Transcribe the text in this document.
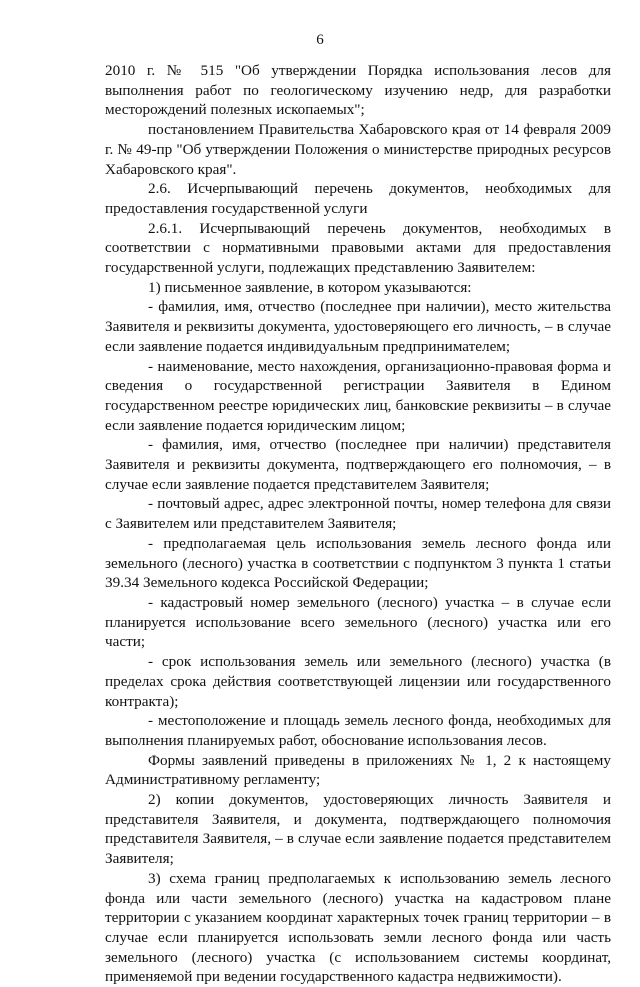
6

2010 г. № 515 "Об утверждении Порядка использования лесов для выполнения работ по геологическому изучению недр, для разработки месторождений полезных ископаемых";

постановлением Правительства Хабаровского края от 14 февраля 2009 г. № 49-пр "Об утверждении Положения о министерстве природных ресурсов Хабаровского края".

2.6. Исчерпывающий перечень документов, необходимых для предоставления государственной услуги

2.6.1. Исчерпывающий перечень документов, необходимых в соответствии с нормативными правовыми актами для предоставления государственной услуги, подлежащих представлению Заявителем:

1) письменное заявление, в котором указываются:

- фамилия, имя, отчество (последнее при наличии), место жительства Заявителя и реквизиты документа, удостоверяющего его личность, – в случае если заявление подается индивидуальным предпринимателем;

- наименование, место нахождения, организационно-правовая форма и сведения о государственной регистрации Заявителя в Едином государственном реестре юридических лиц, банковские реквизиты – в случае если заявление подается юридическим лицом;

- фамилия, имя, отчество (последнее при наличии) представителя Заявителя и реквизиты документа, подтверждающего его полномочия, – в случае если заявление подается представителем Заявителя;

- почтовый адрес, адрес электронной почты, номер телефона для связи с Заявителем или представителем Заявителя;

- предполагаемая цель использования земель лесного фонда или земельного (лесного) участка в соответствии с подпунктом 3 пункта 1 статьи 39.34 Земельного кодекса Российской Федерации;

- кадастровый номер земельного (лесного) участка – в случае если планируется использование всего земельного (лесного) участка или его части;

- срок использования земель или земельного (лесного) участка (в пределах срока действия соответствующей лицензии или государственного контракта);

- местоположение и площадь земель лесного фонда, необходимых для выполнения планируемых работ, обоснование использования лесов.

Формы заявлений приведены в приложениях № 1, 2 к настоящему Административному регламенту;

2) копии документов, удостоверяющих личность Заявителя и представителя Заявителя, и документа, подтверждающего полномочия представителя Заявителя, – в случае если заявление подается представителем Заявителя;

3) схема границ предполагаемых к использованию земель лесного фонда или части земельного (лесного) участка на кадастровом плане территории с указанием координат характерных точек границ территории – в случае если планируется использовать земли лесного фонда или часть земельного (лесного) участка (с использованием системы координат, применяемой при ведении государственного кадастра недвижимости).
